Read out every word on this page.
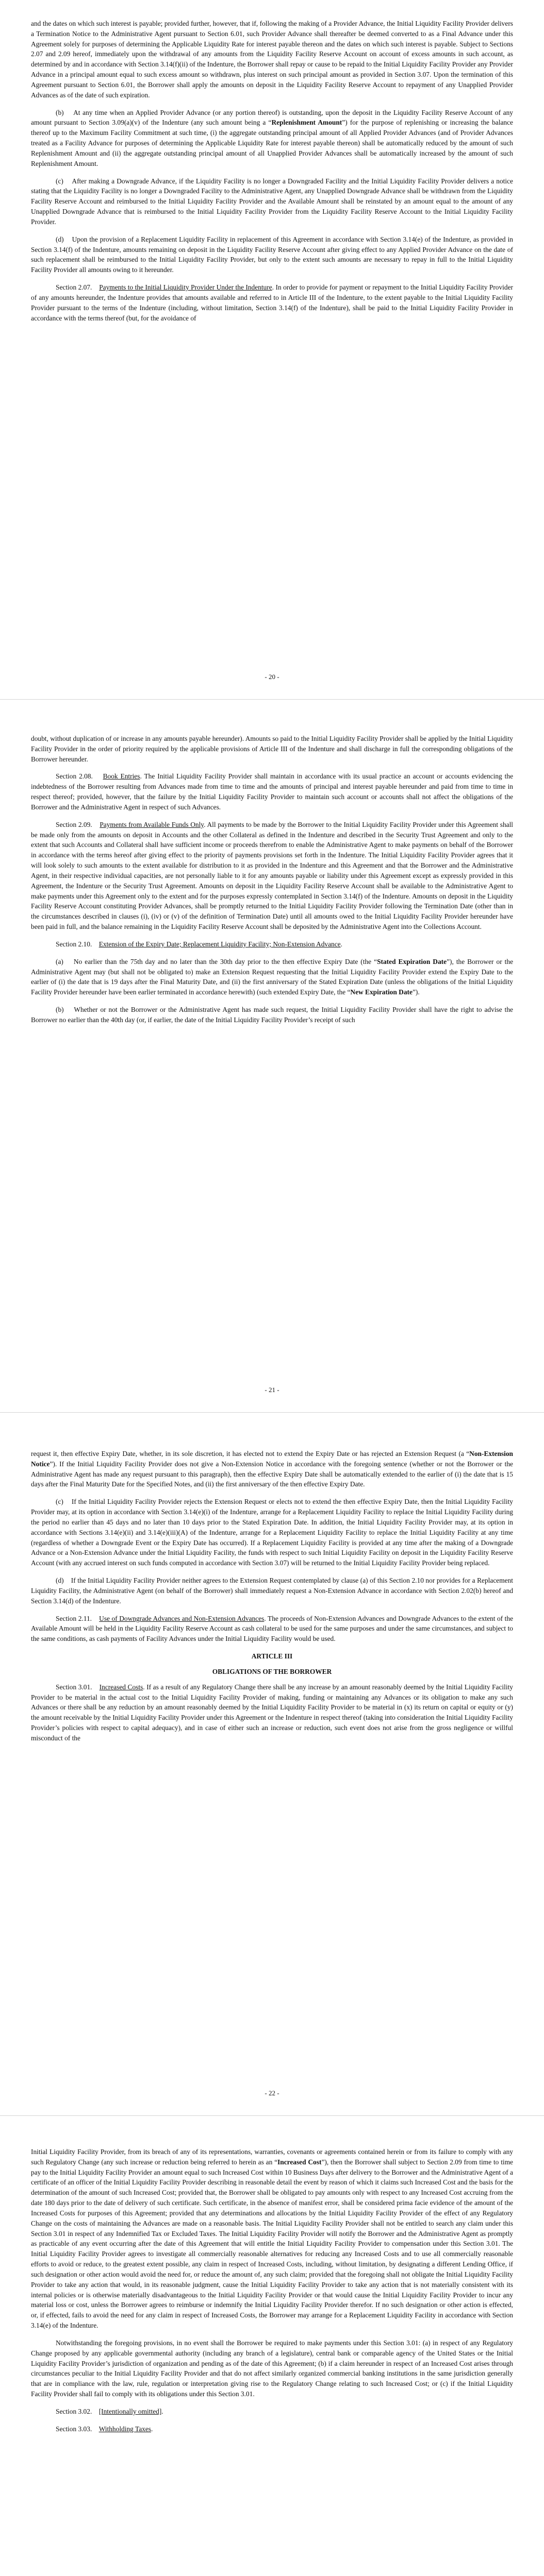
and the dates on which such interest is payable; provided further, however, that if, following the making of a Provider Advance, the Initial Liquidity Facility Provider delivers a Termination Notice to the Administrative Agent pursuant to Section 6.01, such Provider Advance shall thereafter be deemed converted to as a Final Advance under this Agreement solely for purposes of determining the Applicable Liquidity Rate for interest payable thereon and the dates on which such interest is payable. Subject to Sections 2.07 and 2.09 hereof, immediately upon the withdrawal of any amounts from the Liquidity Facility Reserve Account on account of excess amounts in such account, as determined by and in accordance with Section 3.14(f)(ii) of the Indenture, the Borrower shall repay or cause to be repaid to the Initial Liquidity Facility Provider any Provider Advance in a principal amount equal to such excess amount so withdrawn, plus interest on such principal amount as provided in Section 3.07. Upon the termination of this Agreement pursuant to Section 6.01, the Borrower shall apply the amounts on deposit in the Liquidity Facility Reserve Account to repayment of any Unapplied Provider Advances as of the date of such expiration.

(b) At any time when an Applied Provider Advance (or any portion thereof) is outstanding, upon the deposit in the Liquidity Facility Reserve Account of any amount pursuant to Section 3.09(a)(v) of the Indenture (any such amount being a “Replenishment Amount”) for the purpose of replenishing or increasing the balance thereof up to the Maximum Facility Commitment at such time, (i) the aggregate outstanding principal amount of all Applied Provider Advances (and of Provider Advances treated as a Facility Advance for purposes of determining the Applicable Liquidity Rate for interest payable thereon) shall be automatically reduced by the amount of such Replenishment Amount and (ii) the aggregate outstanding principal amount of all Unapplied Provider Advances shall be automatically increased by the amount of such Replenishment Amount.

(c) After making a Downgrade Advance, if the Liquidity Facility is no longer a Downgraded Facility and the Initial Liquidity Facility Provider delivers a notice stating that the Liquidity Facility is no longer a Downgraded Facility to the Administrative Agent, any Unapplied Downgrade Advance shall be withdrawn from the Liquidity Facility Reserve Account and reimbursed to the Initial Liquidity Facility Provider and the Available Amount shall be reinstated by an amount equal to the amount of any Unapplied Downgrade Advance that is reimbursed to the Initial Liquidity Facility Provider from the Liquidity Facility Reserve Account to the Initial Liquidity Facility Provider.

(d) Upon the provision of a Replacement Liquidity Facility in replacement of this Agreement in accordance with Section 3.14(e) of the Indenture, as provided in Section 3.14(f) of the Indenture, amounts remaining on deposit in the Liquidity Facility Reserve Account after giving effect to any Applied Provider Advance on the date of such replacement shall be reimbursed to the Initial Liquidity Facility Provider, but only to the extent such amounts are necessary to repay in full to the Initial Liquidity Facility Provider all amounts owing to it hereunder.

Section 2.07. Payments to the Initial Liquidity Provider Under the Indenture. In order to provide for payment or repayment to the Initial Liquidity Facility Provider of any amounts hereunder, the Indenture provides that amounts available and referred to in Article III of the Indenture, to the extent payable to the Initial Liquidity Facility Provider pursuant to the terms of the Indenture (including, without limitation, Section 3.14(f) of the Indenture), shall be paid to the Initial Liquidity Facility Provider in accordance with the terms thereof (but, for the avoidance of

- 20 -

doubt, without duplication of or increase in any amounts payable hereunder). Amounts so paid to the Initial Liquidity Facility Provider shall be applied by the Initial Liquidity Facility Provider in the order of priority required by the applicable provisions of Article III of the Indenture and shall discharge in full the corresponding obligations of the Borrower hereunder.

Section 2.08. Book Entries. The Initial Liquidity Facility Provider shall maintain in accordance with its usual practice an account or accounts evidencing the indebtedness of the Borrower resulting from Advances made from time to time and the amounts of principal and interest payable hereunder and paid from time to time in respect thereof; provided, however, that the failure by the Initial Liquidity Facility Provider to maintain such account or accounts shall not affect the obligations of the Borrower and the Administrative Agent in respect of such Advances.

Section 2.09. Payments from Available Funds Only. All payments to be made by the Borrower to the Initial Liquidity Facility Provider under this Agreement shall be made only from the amounts on deposit in Accounts and the other Collateral as defined in the Indenture and described in the Security Trust Agreement and only to the extent that such Accounts and Collateral shall have sufficient income or proceeds therefrom to enable the Administrative Agent to make payments on behalf of the Borrower in accordance with the terms hereof after giving effect to the priority of payments provisions set forth in the Indenture. The Initial Liquidity Facility Provider agrees that it will look solely to such amounts to the extent available for distribution to it as provided in the Indenture and this Agreement and that the Borrower and the Administrative Agent, in their respective individual capacities, are not personally liable to it for any amounts payable or liability under this Agreement except as expressly provided in this Agreement, the Indenture or the Security Trust Agreement. Amounts on deposit in the Liquidity Facility Reserve Account shall be available to the Administrative Agent to make payments under this Agreement only to the extent and for the purposes expressly contemplated in Section 3.14(f) of the Indenture. Amounts on deposit in the Liquidity Facility Reserve Account constituting Provider Advances, shall be promptly returned to the Initial Liquidity Facility Provider following the Termination Date (other than in the circumstances described in clauses (i), (iv) or (v) of the definition of Termination Date) until all amounts owed to the Initial Liquidity Facility Provider hereunder have been paid in full, and the balance remaining in the Liquidity Facility Reserve Account shall be deposited by the Administrative Agent into the Collections Account.

Section 2.10. Extension of the Expiry Date; Replacement Liquidity Facility; Non-Extension Advance.

(a) No earlier than the 75th day and no later than the 30th day prior to the then effective Expiry Date (the “Stated Expiration Date”), the Borrower or the Administrative Agent may (but shall not be obligated to) make an Extension Request requesting that the Initial Liquidity Facility Provider extend the Expiry Date to the earlier of (i) the date that is 19 days after the Final Maturity Date, and (ii) the first anniversary of the Stated Expiration Date (unless the obligations of the Initial Liquidity Facility Provider hereunder have been earlier terminated in accordance herewith) (such extended Expiry Date, the “New Expiration Date”).

(b) Whether or not the Borrower or the Administrative Agent has made such request, the Initial Liquidity Facility Provider shall have the right to advise the Borrower no earlier than the 40th day (or, if earlier, the date of the Initial Liquidity Facility Provider’s receipt of such

- 21 -

request it, then effective Expiry Date, whether, in its sole discretion, it has elected not to extend the Expiry Date or has rejected an Extension Request (a “Non-Extension Notice”). If the Initial Liquidity Facility Provider does not give a Non-Extension Notice in accordance with the foregoing sentence (whether or not the Borrower or the Administrative Agent has made any request pursuant to this paragraph), then the effective Expiry Date shall be automatically extended to the earlier of (i) the date that is 15 days after the Final Maturity Date for the Specified Notes, and (ii) the first anniversary of the then effective Expiry Date.

(c) If the Initial Liquidity Facility Provider rejects the Extension Request or elects not to extend the then effective Expiry Date, then the Initial Liquidity Facility Provider may, at its option in accordance with Section 3.14(e)(i) of the Indenture, arrange for a Replacement Liquidity Facility to replace the Initial Liquidity Facility during the period no earlier than 45 days and no later than 10 days prior to the Stated Expiration Date. In addition, the Initial Liquidity Facility Provider may, at its option in accordance with Sections 3.14(e)(ii) and 3.14(e)(iii)(A) of the Indenture, arrange for a Replacement Liquidity Facility to replace the Initial Liquidity Facility at any time (regardless of whether a Downgrade Event or the Expiry Date has occurred). If a Replacement Liquidity Facility is provided at any time after the making of a Downgrade Advance or a Non-Extension Advance under the Initial Liquidity Facility, the funds with respect to such Initial Liquidity Facility on deposit in the Liquidity Facility Reserve Account (with any accrued interest on such funds computed in accordance with Section 3.07) will be returned to the Initial Liquidity Facility Provider being replaced.

(d) If the Initial Liquidity Facility Provider neither agrees to the Extension Request contemplated by clause (a) of this Section 2.10 nor provides for a Replacement Liquidity Facility, the Administrative Agent (on behalf of the Borrower) shall immediately request a Non-Extension Advance in accordance with Section 2.02(b) hereof and Section 3.14(d) of the Indenture.

Section 2.11. Use of Downgrade Advances and Non-Extension Advances. The proceeds of Non-Extension Advances and Downgrade Advances to the extent of the Available Amount will be held in the Liquidity Facility Reserve Account as cash collateral to be used for the same purposes and under the same circumstances, and subject to the same conditions, as cash payments of Facility Advances under the Initial Liquidity Facility would be used.

ARTICLE III
OBLIGATIONS OF THE BORROWER

Section 3.01. Increased Costs. If as a result of any Regulatory Change there shall be any increase by an amount reasonably deemed by the Initial Liquidity Facility Provider to be material in the actual cost to the Initial Liquidity Facility Provider of making, funding or maintaining any Advances or its obligation to make any such Advances or there shall be any reduction by an amount reasonably deemed by the Initial Liquidity Facility Provider to be material in (x) its return on capital or equity or (y) the amount receivable by the Initial Liquidity Facility Provider under this Agreement or the Indenture in respect thereof (taking into consideration the Initial Liquidity Facility Provider’s policies with respect to capital adequacy), and in case of either such an increase or reduction, such event does not arise from the gross negligence or willful misconduct of the

- 22 -

Initial Liquidity Facility Provider, from its breach of any of its representations, warranties, covenants or agreements contained herein or from its failure to comply with any such Regulatory Change (any such increase or reduction being referred to herein as an “Increased Cost”), then the Borrower shall subject to Section 2.09 from time to time pay to the Initial Liquidity Facility Provider an amount equal to such Increased Cost within 10 Business Days after delivery to the Borrower and the Administrative Agent of a certificate of an officer of the Initial Liquidity Facility Provider describing in reasonable detail the event by reason of which it claims such Increased Cost and the basis for the determination of the amount of such Increased Cost; provided that, the Borrower shall be obligated to pay amounts only with respect to any Increased Cost accruing from the date 180 days prior to the date of delivery of such certificate. Such certificate, in the absence of manifest error, shall be considered prima facie evidence of the amount of the Increased Costs for purposes of this Agreement; provided that any determinations and allocations by the Initial Liquidity Facility Provider of the effect of any Regulatory Change on the costs of maintaining the Advances are made on a reasonable basis. The Initial Liquidity Facility Provider shall not be entitled to search any claim under this Section 3.01 in respect of any Indemnified Tax or Excluded Taxes. The Initial Liquidity Facility Provider will notify the Borrower and the Administrative Agent as promptly as practicable of any event occurring after the date of this Agreement that will entitle the Initial Liquidity Facility Provider to compensation under this Section 3.01. The Initial Liquidity Facility Provider agrees to investigate all commercially reasonable alternatives for reducing any Increased Costs and to use all commercially reasonable efforts to avoid or reduce, to the greatest extent possible, any claim in respect of Increased Costs, including, without limitation, by designating a different Lending Office, if such designation or other action would avoid the need for, or reduce the amount of, any such claim; provided that the foregoing shall not obligate the Initial Liquidity Facility Provider to take any action that would, in its reasonable judgment, cause the Initial Liquidity Facility Provider to take any action that is not materially consistent with its internal policies or is otherwise materially disadvantageous to the Initial Liquidity Facility Provider or that would cause the Initial Liquidity Facility Provider to incur any material loss or cost, unless the Borrower agrees to reimburse or indemnify the Initial Liquidity Facility Provider therefor. If no such designation or other action is effected, or, if effected, fails to avoid the need for any claim in respect of Increased Costs, the Borrower may arrange for a Replacement Liquidity Facility in accordance with Section 3.14(e) of the Indenture.

Notwithstanding the foregoing provisions, in no event shall the Borrower be required to make payments under this Section 3.01: (a) in respect of any Regulatory Change proposed by any applicable governmental authority (including any branch of a legislature), central bank or comparable agency of the United States or the Initial Liquidity Facility Provider’s jurisdiction of organization and pending as of the date of this Agreement; (b) if a claim hereunder in respect of an Increased Cost arises through circumstances peculiar to the Initial Liquidity Facility Provider and that do not affect similarly organized commercial banking institutions in the same jurisdiction generally that are in compliance with the law, rule, regulation or interpretation giving rise to the Regulatory Change relating to such Increased Cost; or (c) if the Initial Liquidity Facility Provider shall fail to comply with its obligations under this Section 3.01.

Section 3.02. [Intentionally omitted].

Section 3.03. Withholding Taxes.
